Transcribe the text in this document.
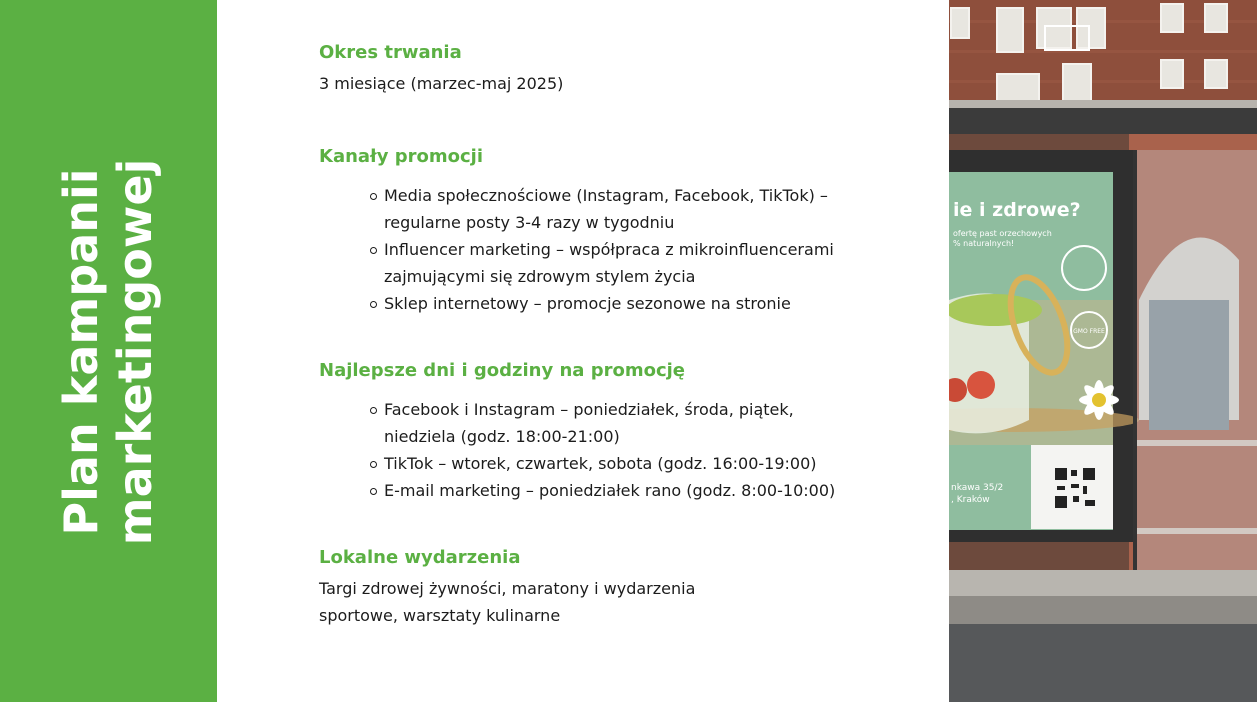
Plan kampanii marketingowej

Okres trwania

3 miesiące (marzec-maj 2025)

Kanały promocji

Media społecznościowe (Instagram, Facebook, TikTok) – regularne posty 3-4 razy w tygodniu
Influencer marketing – współpraca z mikroinfluencerami zajmującymi się zdrowym stylem życia
Sklep internetowy – promocje sezonowe na stronie

Najlepsze dni i godziny na promocję

Facebook i Instagram – poniedziałek, środa, piątek, niedziela (godz. 18:00-21:00)
TikTok – wtorek, czwartek, sobota (godz. 16:00-19:00)
E-mail marketing – poniedziałek rano (godz. 8:00-10:00)

Lokalne wydarzenia

Targi zdrowej żywności, maratony i wydarzenia sportowe, warsztaty kulinarne

ie i zdrowe?
ofertę past orzechowych
% naturalnych!
GMO FREE
nkawa 35/2
, Kraków
